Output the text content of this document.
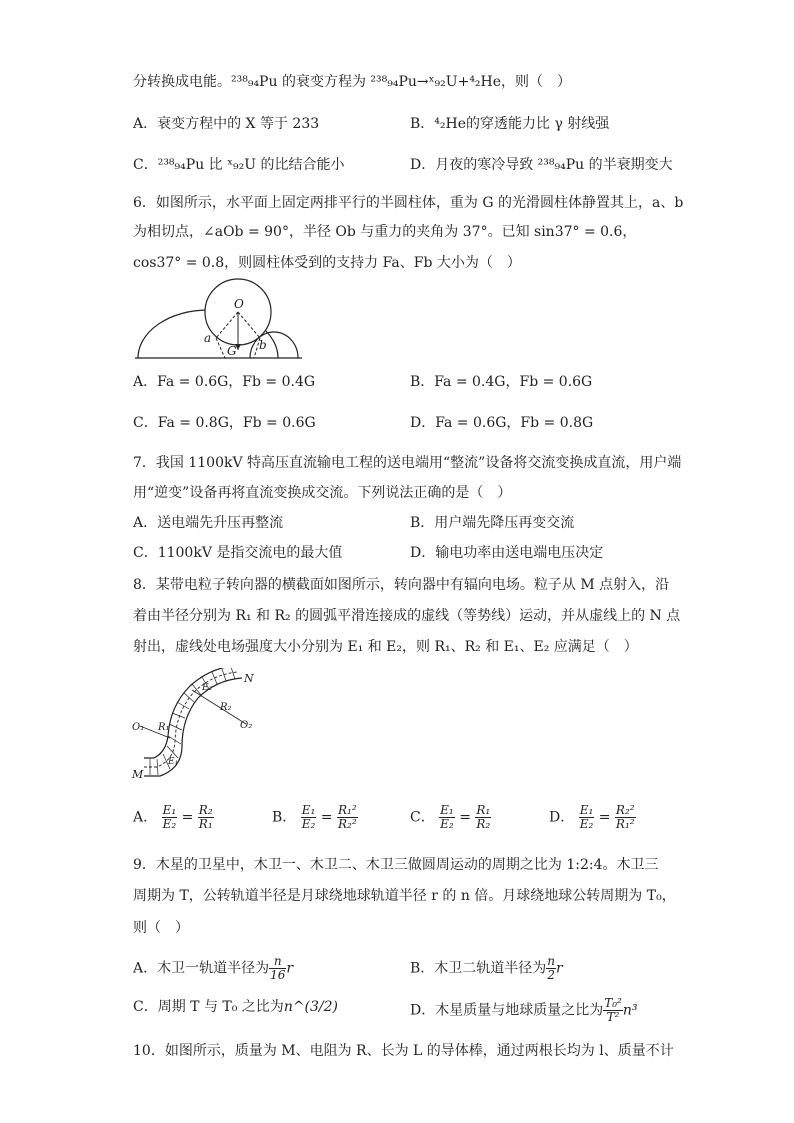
分转换成电能。²³⁸₉₄Pu 的衰变方程为 ²³⁸₉₄Pu→ˣ₉₂U+⁴₂He，则（　）
A．衰变方程中的 X 等于 233	B．⁴₂He的穿透能力比 γ 射线强
C．²³⁸₉₄Pu 比 ˣ₉₂U 的比结合能小	D．月夜的寒冷导致 ²³⁸₉₄Pu 的半衰期变大
6．如图所示，水平面上固定两排平行的半圆柱体，重为 G 的光滑圆柱体静置其上，a、b
为相切点，∠aOb = 90°，半径 Ob 与重力的夹角为 37°。已知 sin37° = 0.6，
cos37° = 0.8，则圆柱体受到的支持力 Fa、Fb 大小为（　）
O
a	b
G
A．Fa = 0.6G，Fb = 0.4G	B．Fa = 0.4G，Fb = 0.6G
C．Fa = 0.8G，Fb = 0.6G	D．Fa = 0.6G，Fb = 0.8G
7．我国 1100kV 特高压直流输电工程的送电端用“整流”设备将交流变换成直流，用户端
用“逆变”设备再将直流变换成交流。下列说法正确的是（　）
A．送电端先升压再整流	B．用户端先降压再变交流
C．1100kV 是指交流电的最大值	D．输电功率由送电端电压决定
8．某带电粒子转向器的横截面如图所示，转向器中有辐向电场。粒子从 M 点射入，沿
着由半径分别为 R₁ 和 R₂ 的圆弧平滑连接成的虚线（等势线）运动，并从虚线上的 N 点
射出，虚线处电场强度大小分别为 E₁ 和 E₂，则 R₁、R₂ 和 E₁、E₂ 应满足（　）
N
M
O₁	O₂
R₁
R₂
E₁
E₂
A． $\frac{\text{E₁}}{\text{E₂}} = \frac{\text{R₂}}{\text{R₁}}$	B． $\frac{\text{E₁}}{\text{E₂}} = \frac{\text{R₁²}}{\text{R₂²}}$	C． $\frac{\text{E₁}}{\text{E₂}} = \frac{\text{R₁}}{\text{R₂}}$	D． $\frac{\text{E₁}}{\text{E₂}} = \frac{\text{R₂²}}{\text{R₁²}}$
9．木星的卫星中，木卫一、木卫二、木卫三做圆周运动的周期之比为 1:2:4。木卫三
周期为 T，公转轨道半径是月球绕地球轨道半径 r 的 n 倍。月球绕地球公转周期为 T₀，
则（　）
A．木卫一轨道半径为 $\frac{n}{16}$ r	B．木卫二轨道半径为 $\frac{n}{2}$ r
C．周期 T 与 T₀ 之比为n^(3/2)	D．木星质量与地球质量之比为 $\frac{\text{T₀²}}{\text{T²}} n^3$
10．如图所示，质量为 M、电阻为 R、长为 L 的导体棒，通过两根长均为 l、质量不计
